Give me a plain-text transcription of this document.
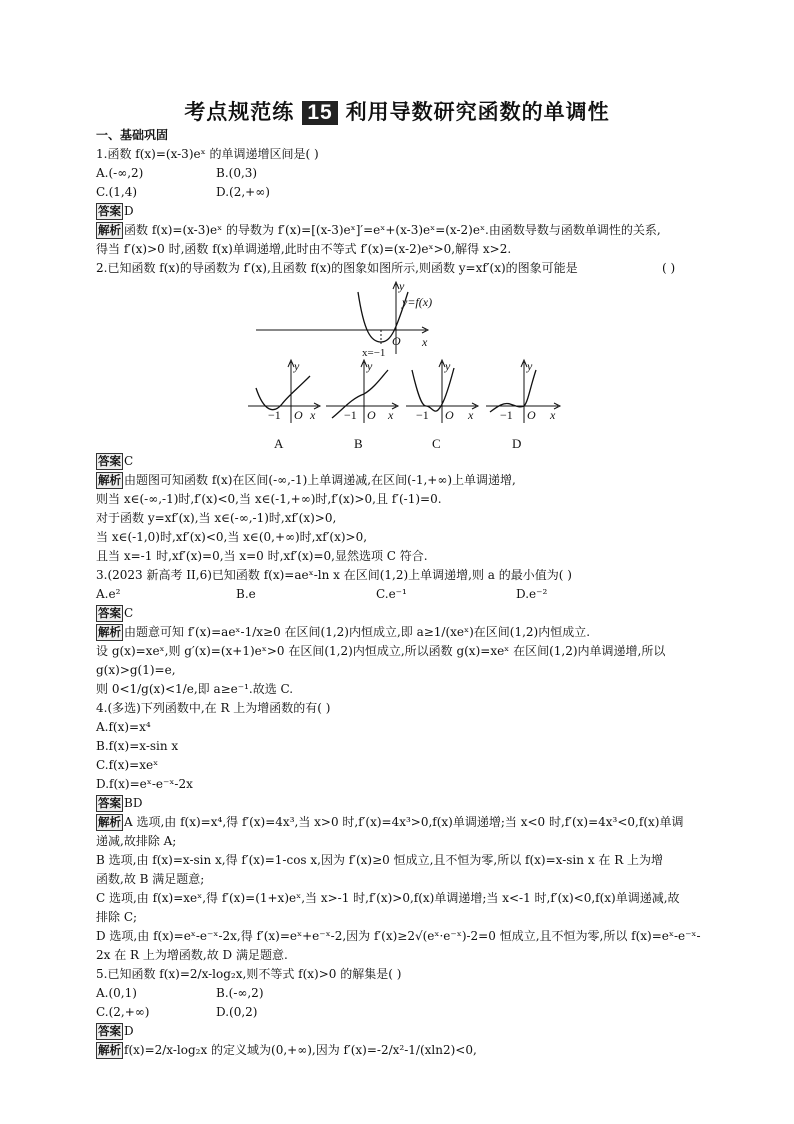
考点规范练 15 利用导数研究函数的单调性
一、基础巩固
1.函数 f(x)=(x-3)eˣ 的单调递增区间是( )
A.(-∞,2)	B.(0,3)
C.(1,4)	D.(2,+∞)
答案 D
解析 函数 f(x)=(x-3)eˣ 的导数为 f′(x)=[(x-3)eˣ]′=eˣ+(x-3)eˣ=(x-2)eˣ.由函数导数与函数单调性的关系,
得当 f′(x)>0 时,函数 f(x)单调递增,此时由不等式 f′(x)=(x-2)eˣ>0,解得 x>2.
2.已知函数 f(x)的导函数为 f′(x),且函数 f(x)的图象如图所示,则函数 y=xf′(x)的图象可能是	( )
y
x
O
y=f(x)
x=−1
y
x
O
−1
A
y
x
O
−1
B
y
x
O
−1
C
y
x
O
−1
D
答案 C
解析 由题图可知函数 f(x)在区间(-∞,-1)上单调递减,在区间(-1,+∞)上单调递增,
则当 x∈(-∞,-1)时,f′(x)<0,当 x∈(-1,+∞)时,f′(x)>0,且 f′(-1)=0.
对于函数 y=xf′(x),当 x∈(-∞,-1)时,xf′(x)>0,
当 x∈(-1,0)时,xf′(x)<0,当 x∈(0,+∞)时,xf′(x)>0,
且当 x=-1 时,xf′(x)=0,当 x=0 时,xf′(x)=0,显然选项 C 符合.
3.(2023 新高考 II,6)已知函数 f(x)=aeˣ-ln x 在区间(1,2)上单调递增,则 a 的最小值为( )
A.e²	B.e	C.e⁻¹	D.e⁻²
答案 C
解析 由题意可知 f′(x)=aeˣ-1/x≥0 在区间(1,2)内恒成立,即 a≥1/(xeˣ)在区间(1,2)内恒成立.
设 g(x)=xeˣ,则 g′(x)=(x+1)eˣ>0 在区间(1,2)内恒成立,所以函数 g(x)=xeˣ 在区间(1,2)内单调递增,所以
g(x)>g(1)=e,
则 0<1/g(x)<1/e,即 a≥e⁻¹.故选 C.
4.(多选)下列函数中,在 R 上为增函数的有( )
A.f(x)=x⁴
B.f(x)=x-sin x
C.f(x)=xeˣ
D.f(x)=eˣ-e⁻ˣ-2x
答案 BD
解析 A 选项,由 f(x)=x⁴,得 f′(x)=4x³,当 x>0 时,f′(x)=4x³>0,f(x)单调递增;当 x<0 时,f′(x)=4x³<0,f(x)单调
递减,故排除 A;
B 选项,由 f(x)=x-sin x,得 f′(x)=1-cos x,因为 f′(x)≥0 恒成立,且不恒为零,所以 f(x)=x-sin x 在 R 上为增
函数,故 B 满足题意;
C 选项,由 f(x)=xeˣ,得 f′(x)=(1+x)eˣ,当 x>-1 时,f′(x)>0,f(x)单调递增;当 x<-1 时,f′(x)<0,f(x)单调递减,故
排除 C;
D 选项,由 f(x)=eˣ-e⁻ˣ-2x,得 f′(x)=eˣ+e⁻ˣ-2,因为 f′(x)≥2√(eˣ·e⁻ˣ)-2=0 恒成立,且不恒为零,所以 f(x)=eˣ-e⁻ˣ-
2x 在 R 上为增函数,故 D 满足题意.
5.已知函数 f(x)=2/x-log₂x,则不等式 f(x)>0 的解集是( )
A.(0,1)	B.(-∞,2)
C.(2,+∞)	D.(0,2)
答案 D
解析 f(x)=2/x-log₂x 的定义域为(0,+∞),因为 f′(x)=-2/x²-1/(xln2)<0,
